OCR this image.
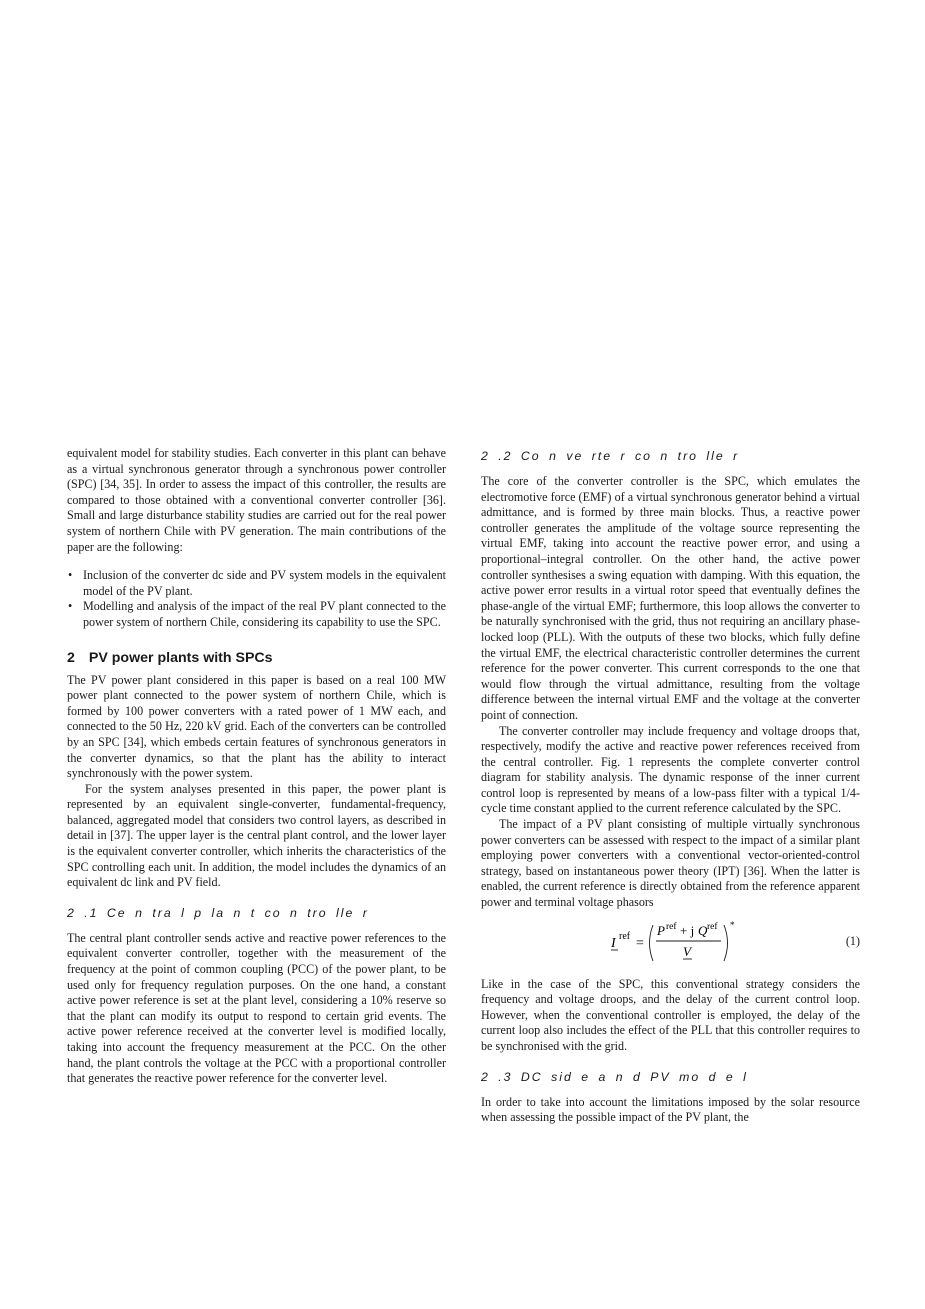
equivalent model for stability studies. Each converter in this plant can behave as a virtual synchronous generator through a synchronous power controller (SPC) [34, 35]. In order to assess the impact of this controller, the results are compared to those obtained with a conventional converter controller [36]. Small and large disturbance stability studies are carried out for the real power system of northern Chile with PV generation. The main contributions of the paper are the following:

• Inclusion of the converter dc side and PV system models in the equivalent model of the PV plant.
• Modelling and analysis of the impact of the real PV plant connected to the power system of northern Chile, considering its capability to use the SPC.
2 PV power plants with SPCs

The PV power plant considered in this paper is based on a real 100 MW power plant connected to the power system of northern Chile, which is formed by 100 power converters with a rated power of 1 MW each, and connected to the 50 Hz, 220 kV grid. Each of the converters can be controlled by an SPC [34], which embeds certain features of synchronous generators in the converter dynamics, so that the plant has the ability to interact synchronously with the power system.

For the system analyses presented in this paper, the power plant is represented by an equivalent single-converter, fundamental-frequency, balanced, aggregated model that considers two control layers, as described in detail in [37]. The upper layer is the central plant control, and the lower layer is the equivalent converter controller, which inherits the characteristics of the SPC controlling each unit. In addition, the model includes the dynamics of an equivalent dc link and PV field.

2 .1 Ce n tra l p la n t co n tro lle r

The central plant controller sends active and reactive power references to the equivalent converter controller, together with the measurement of the frequency at the point of common coupling (PCC) of the power plant, to be used only for frequency regulation purposes. On the one hand, a constant active power reference is set at the plant level, considering a 10% reserve so that the plant can modify its output to respond to certain grid events. The active power reference received at the converter level is modified locally, taking into account the frequency measurement at the PCC. On the other hand, the plant controls the voltage at the PCC with a proportional controller that generates the reactive power reference for the converter level.

2 .2 Co n ve rte r co n tro lle r

The core of the converter controller is the SPC, which emulates the electromotive force (EMF) of a virtual synchronous generator behind a virtual admittance, and is formed by three main blocks. Thus, a reactive power controller generates the amplitude of the voltage source representing the virtual EMF, taking into account the reactive power error, and using a proportional–integral controller. On the other hand, the active power controller synthesises a swing equation with damping. With this equation, the active power error results in a virtual rotor speed that eventually defines the phase-angle of the virtual EMF; furthermore, this loop allows the converter to be naturally synchronised with the grid, thus not requiring an ancillary phase-locked loop (PLL). With the outputs of these two blocks, which fully define the virtual EMF, the electrical characteristic controller determines the current reference for the power converter. This current corresponds to the one that would flow through the virtual admittance, resulting from the voltage difference between the internal virtual EMF and the voltage at the converter point of connection.

The converter controller may include frequency and voltage droops that, respectively, modify the active and reactive power references received from the central controller. Fig. 1 represents the complete converter control diagram for stability analysis. The dynamic response of the inner current control loop is represented by means of a low-pass filter with a typical 1/4-cycle time constant applied to the current reference calculated by the SPC.

The impact of a PV plant consisting of multiple virtually synchronous power converters can be assessed with respect to the impact of a similar plant employing power converters with a conventional vector-oriented-control strategy, based on instantaneous power theory (IPT) [36]. When the latter is enabled, the current reference is directly obtained from the reference apparent power and terminal voltage phasors

I ref =
P ref + j Q ref
V
*
(1)

Like in the case of the SPC, this conventional strategy considers the frequency and voltage droops, and the delay of the current control loop. However, when the conventional controller is employed, the delay of the current loop also includes the effect of the PLL that this controller requires to be synchronised with the grid.

2 .3 DC sid e a n d PV mo d e l

In order to take into account the limitations imposed by the solar resource when assessing the possible impact of the PV plant, the
